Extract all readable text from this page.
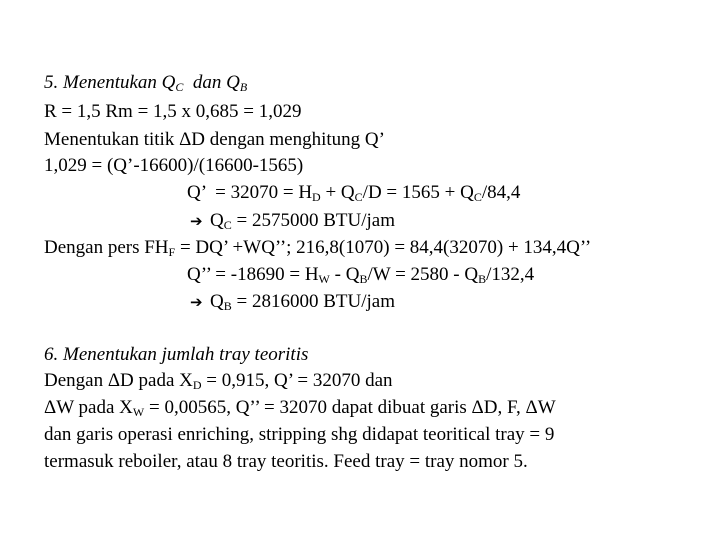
5. Menentukan $Q_C$  dan $Q_B$
R = 1,5 Rm = 1,5 x 0,685 = 1,029
Menentukan titik ΔD dengan menghitung Q’
1,029 = (Q’-16600)/(16600-1565)
Q’  = $32070 = H_D + Q_C/D = 1565 + Q_C/84,4$
➔ $Q_C = 2575000$ BTU/jam
Dengan pers $FH_F$ = DQ’ +WQ’’; 216,8(1070) = 84,4(32070) + 134,4Q’’
Q’’ = $-18690 = H_W - Q_B/W = 2580 - Q_B/132,4$
➔ $Q_B = 2816000$ BTU/jam
6. Menentukan jumlah tray teoritis
Dengan ΔD pada $X_D = 0,915$, Q’ = 32070 dan
ΔW pada $X_W = 0,00565$, Q’’ = 32070 dapat dibuat garis ΔD, F, ΔW
dan garis operasi enriching, stripping shg didapat teoritical tray = 9
termasuk reboiler, atau 8 tray teoritis. Feed tray = tray nomor 5.
